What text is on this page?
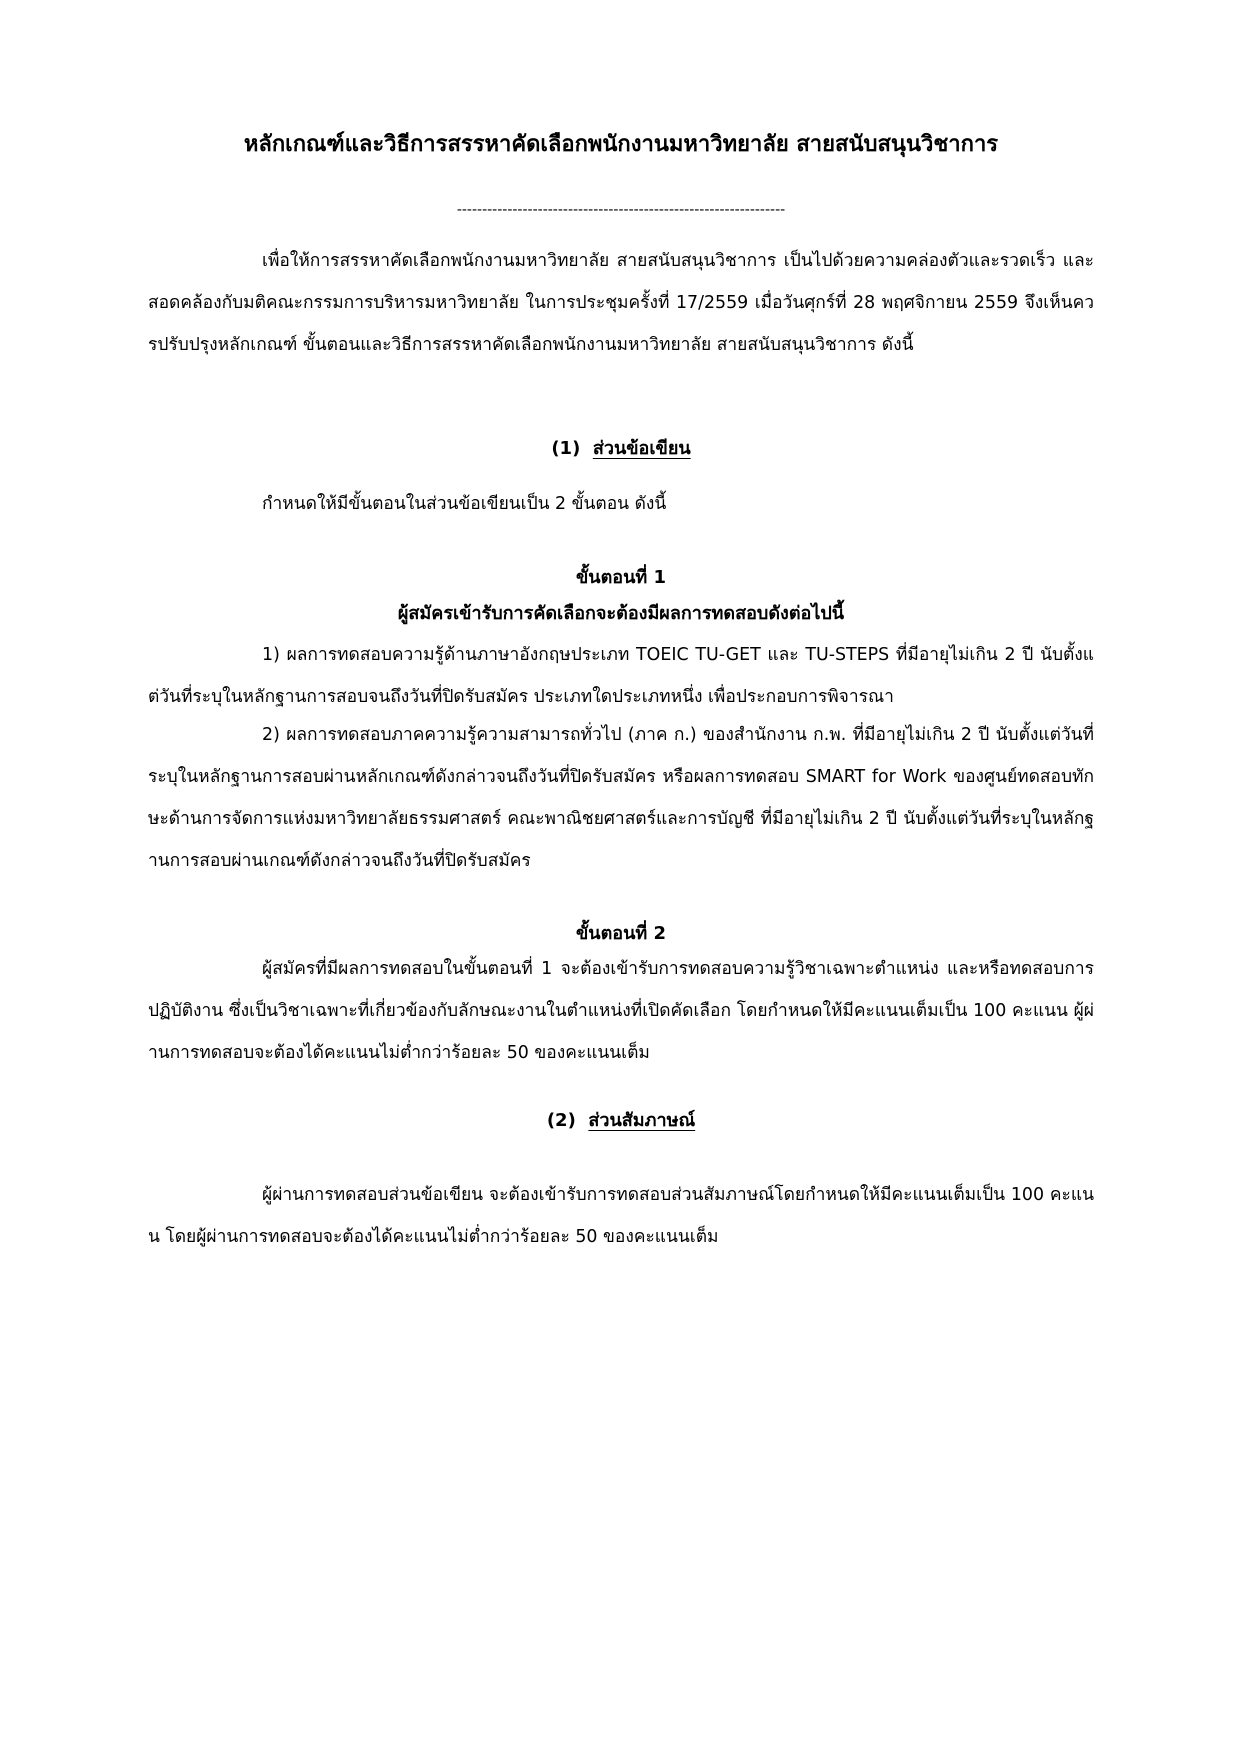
หลักเกณฑ์และวิธีการสรรหาคัดเลือกพนักงานมหาวิทยาลัย สายสนับสนุนวิชาการ
-----------------------------------------------------------------
เพื่อให้การสรรหาคัดเลือกพนักงานมหาวิทยาลัย สายสนับสนุนวิชาการ เป็นไปด้วยความคล่องตัวและรวดเร็ว และสอดคล้องกับมติคณะกรรมการบริหารมหาวิทยาลัย ในการประชุมครั้งที่ 17/2559 เมื่อวันศุกร์ที่ 28 พฤศจิกายน 2559 จึงเห็นควรปรับปรุงหลักเกณฑ์ ขั้นตอนและวิธีการสรรหาคัดเลือกพนักงานมหาวิทยาลัย สายสนับสนุนวิชาการ ดังนี้
(1) ส่วนข้อเขียน
กำหนดให้มีขั้นตอนในส่วนข้อเขียนเป็น 2 ขั้นตอน ดังนี้
ขั้นตอนที่ 1
ผู้สมัครเข้ารับการคัดเลือกจะต้องมีผลการทดสอบดังต่อไปนี้
1) ผลการทดสอบความรู้ด้านภาษาอังกฤษประเภท TOEIC TU-GET และ TU-STEPS ที่มีอายุไม่เกิน 2 ปี นับตั้งแต่วันที่ระบุในหลักฐานการสอบจนถึงวันที่ปิดรับสมัคร ประเภทใดประเภทหนึ่ง เพื่อประกอบการพิจารณา
2) ผลการทดสอบภาคความรู้ความสามารถทั่วไป (ภาค ก.) ของสำนักงาน ก.พ. ที่มีอายุไม่เกิน 2 ปี นับตั้งแต่วันที่ระบุในหลักฐานการสอบผ่านหลักเกณฑ์ดังกล่าวจนถึงวันที่ปิดรับสมัคร หรือผลการทดสอบ SMART for Work ของศูนย์ทดสอบทักษะด้านการจัดการแห่งมหาวิทยาลัยธรรมศาสตร์ คณะพาณิชยศาสตร์และการบัญชี ที่มีอายุไม่เกิน 2 ปี นับตั้งแต่วันที่ระบุในหลักฐานการสอบผ่านเกณฑ์ดังกล่าวจนถึงวันที่ปิดรับสมัคร
ขั้นตอนที่ 2
ผู้สมัครที่มีผลการทดสอบในขั้นตอนที่ 1 จะต้องเข้ารับการทดสอบความรู้วิชาเฉพาะตำแหน่ง และหรือทดสอบการปฏิบัติงาน ซึ่งเป็นวิชาเฉพาะที่เกี่ยวข้องกับลักษณะงานในตำแหน่งที่เปิดคัดเลือก โดยกำหนดให้มีคะแนนเต็มเป็น 100 คะแนน ผู้ผ่านการทดสอบจะต้องได้คะแนนไม่ต่ำกว่าร้อยละ 50 ของคะแนนเต็ม
(2) ส่วนสัมภาษณ์
ผู้ผ่านการทดสอบส่วนข้อเขียน จะต้องเข้ารับการทดสอบส่วนสัมภาษณ์โดยกำหนดให้มีคะแนนเต็มเป็น 100 คะแนน โดยผู้ผ่านการทดสอบจะต้องได้คะแนนไม่ต่ำกว่าร้อยละ 50 ของคะแนนเต็ม
